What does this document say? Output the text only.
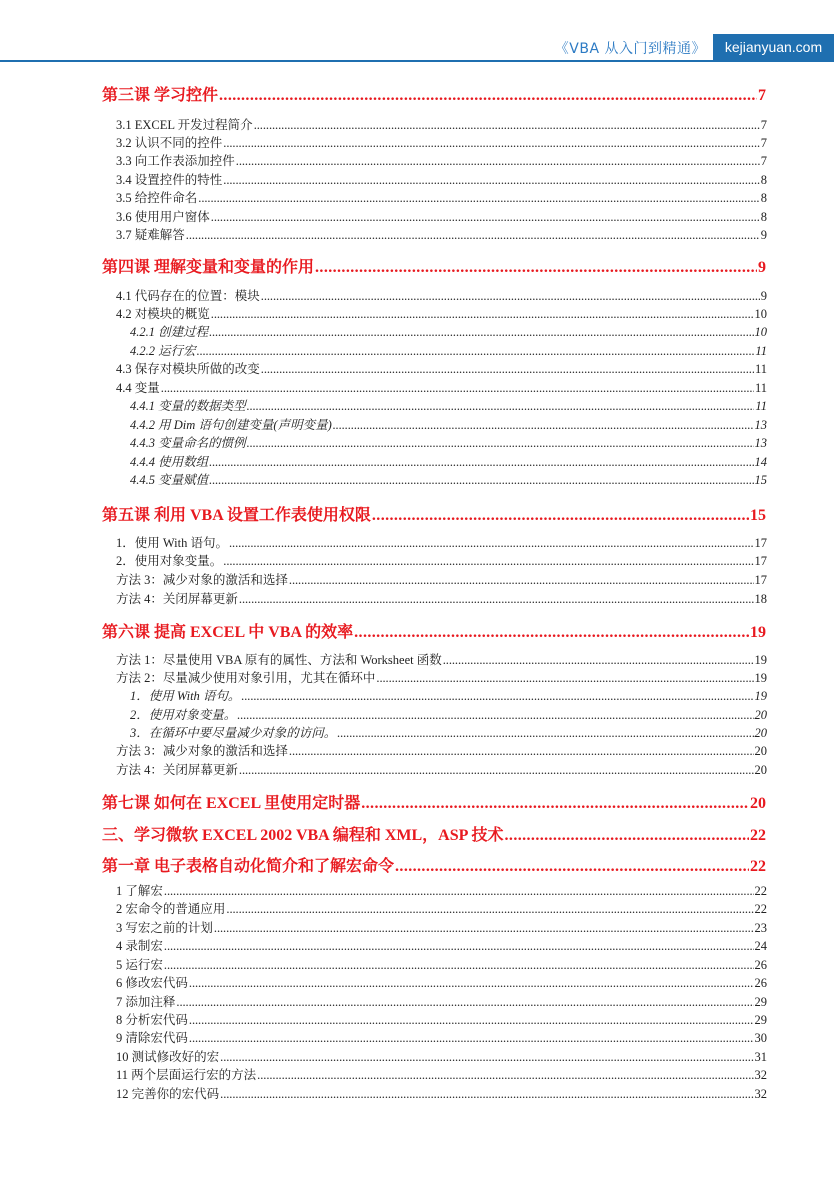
《VBA 从入门到精通》	kejianyuan.com
第三课 学习控件 . . .	7
3.1 EXCEL 开发过程简介 . . .	7
3.2 认识不同的控件 . . .	7
3.3 向工作表添加控件 . . .	7
3.4 设置控件的特性 . . .	8
3.5 给控件命名 . . .	8
3.6 使用用户窗体 . . .	8
3.7 疑难解答 . . .	9
第四课 理解变量和变量的作用 . . .	9
4.1 代码存在的位置：模块 . . .	9
4.2 对模块的概览 . . .	10
4.2.1 创建过程 . . .	10
4.2.2 运行宏 . . .	11
4.3 保存对模块所做的改变 . . .	11
4.4 变量 . . .	11
4.4.1 变量的数据类型 . . .	11
4.4.2 用 Dim 语句创建变量(声明变量) . . .	13
4.4.3 变量命名的惯例 . . .	13
4.4.4 使用数组 . . .	14
4.4.5 变量赋值 . . .	15
第五课 利用 VBA 设置工作表使用权限 . . .	15
1．使用 With 语句。 . . .	17
2．使用对象变量。 . . .	17
方法 3：减少对象的激活和选择 . . .	17
方法 4：关闭屏幕更新 . . .	18
第六课 提高 EXCEL 中 VBA 的效率 . . .	19
方法 1：尽量使用 VBA 原有的属性、方法和 Worksheet 函数 . . .	19
方法 2：尽量减少使用对象引用，尤其在循环中 . . .	19
1．使用 With 语句。 . . .	19
2．使用对象变量。 . . .	20
3．在循环中要尽量减少对象的访问。 . . .	20
方法 3：减少对象的激活和选择 . . .	20
方法 4：关闭屏幕更新 . . .	20
第七课 如何在 EXCEL 里使用定时器 . . .	20
三、学习微软 EXCEL 2002 VBA 编程和 XML，ASP 技术 . . .	22
第一章 电子表格自动化简介和了解宏命令 . . .	22
1 了解宏 . . .	22
2 宏命令的普通应用 . . .	22
3 写宏之前的计划 . . .	23
4 录制宏 . . .	24
5 运行宏 . . .	26
6 修改宏代码 . . .	26
7 添加注释 . . .	29
8 分析宏代码 . . .	29
9 清除宏代码 . . .	30
10 测试修改好的宏 . . .	31
11 两个层面运行宏的方法 . . .	32
12 完善你的宏代码 . . .	32
